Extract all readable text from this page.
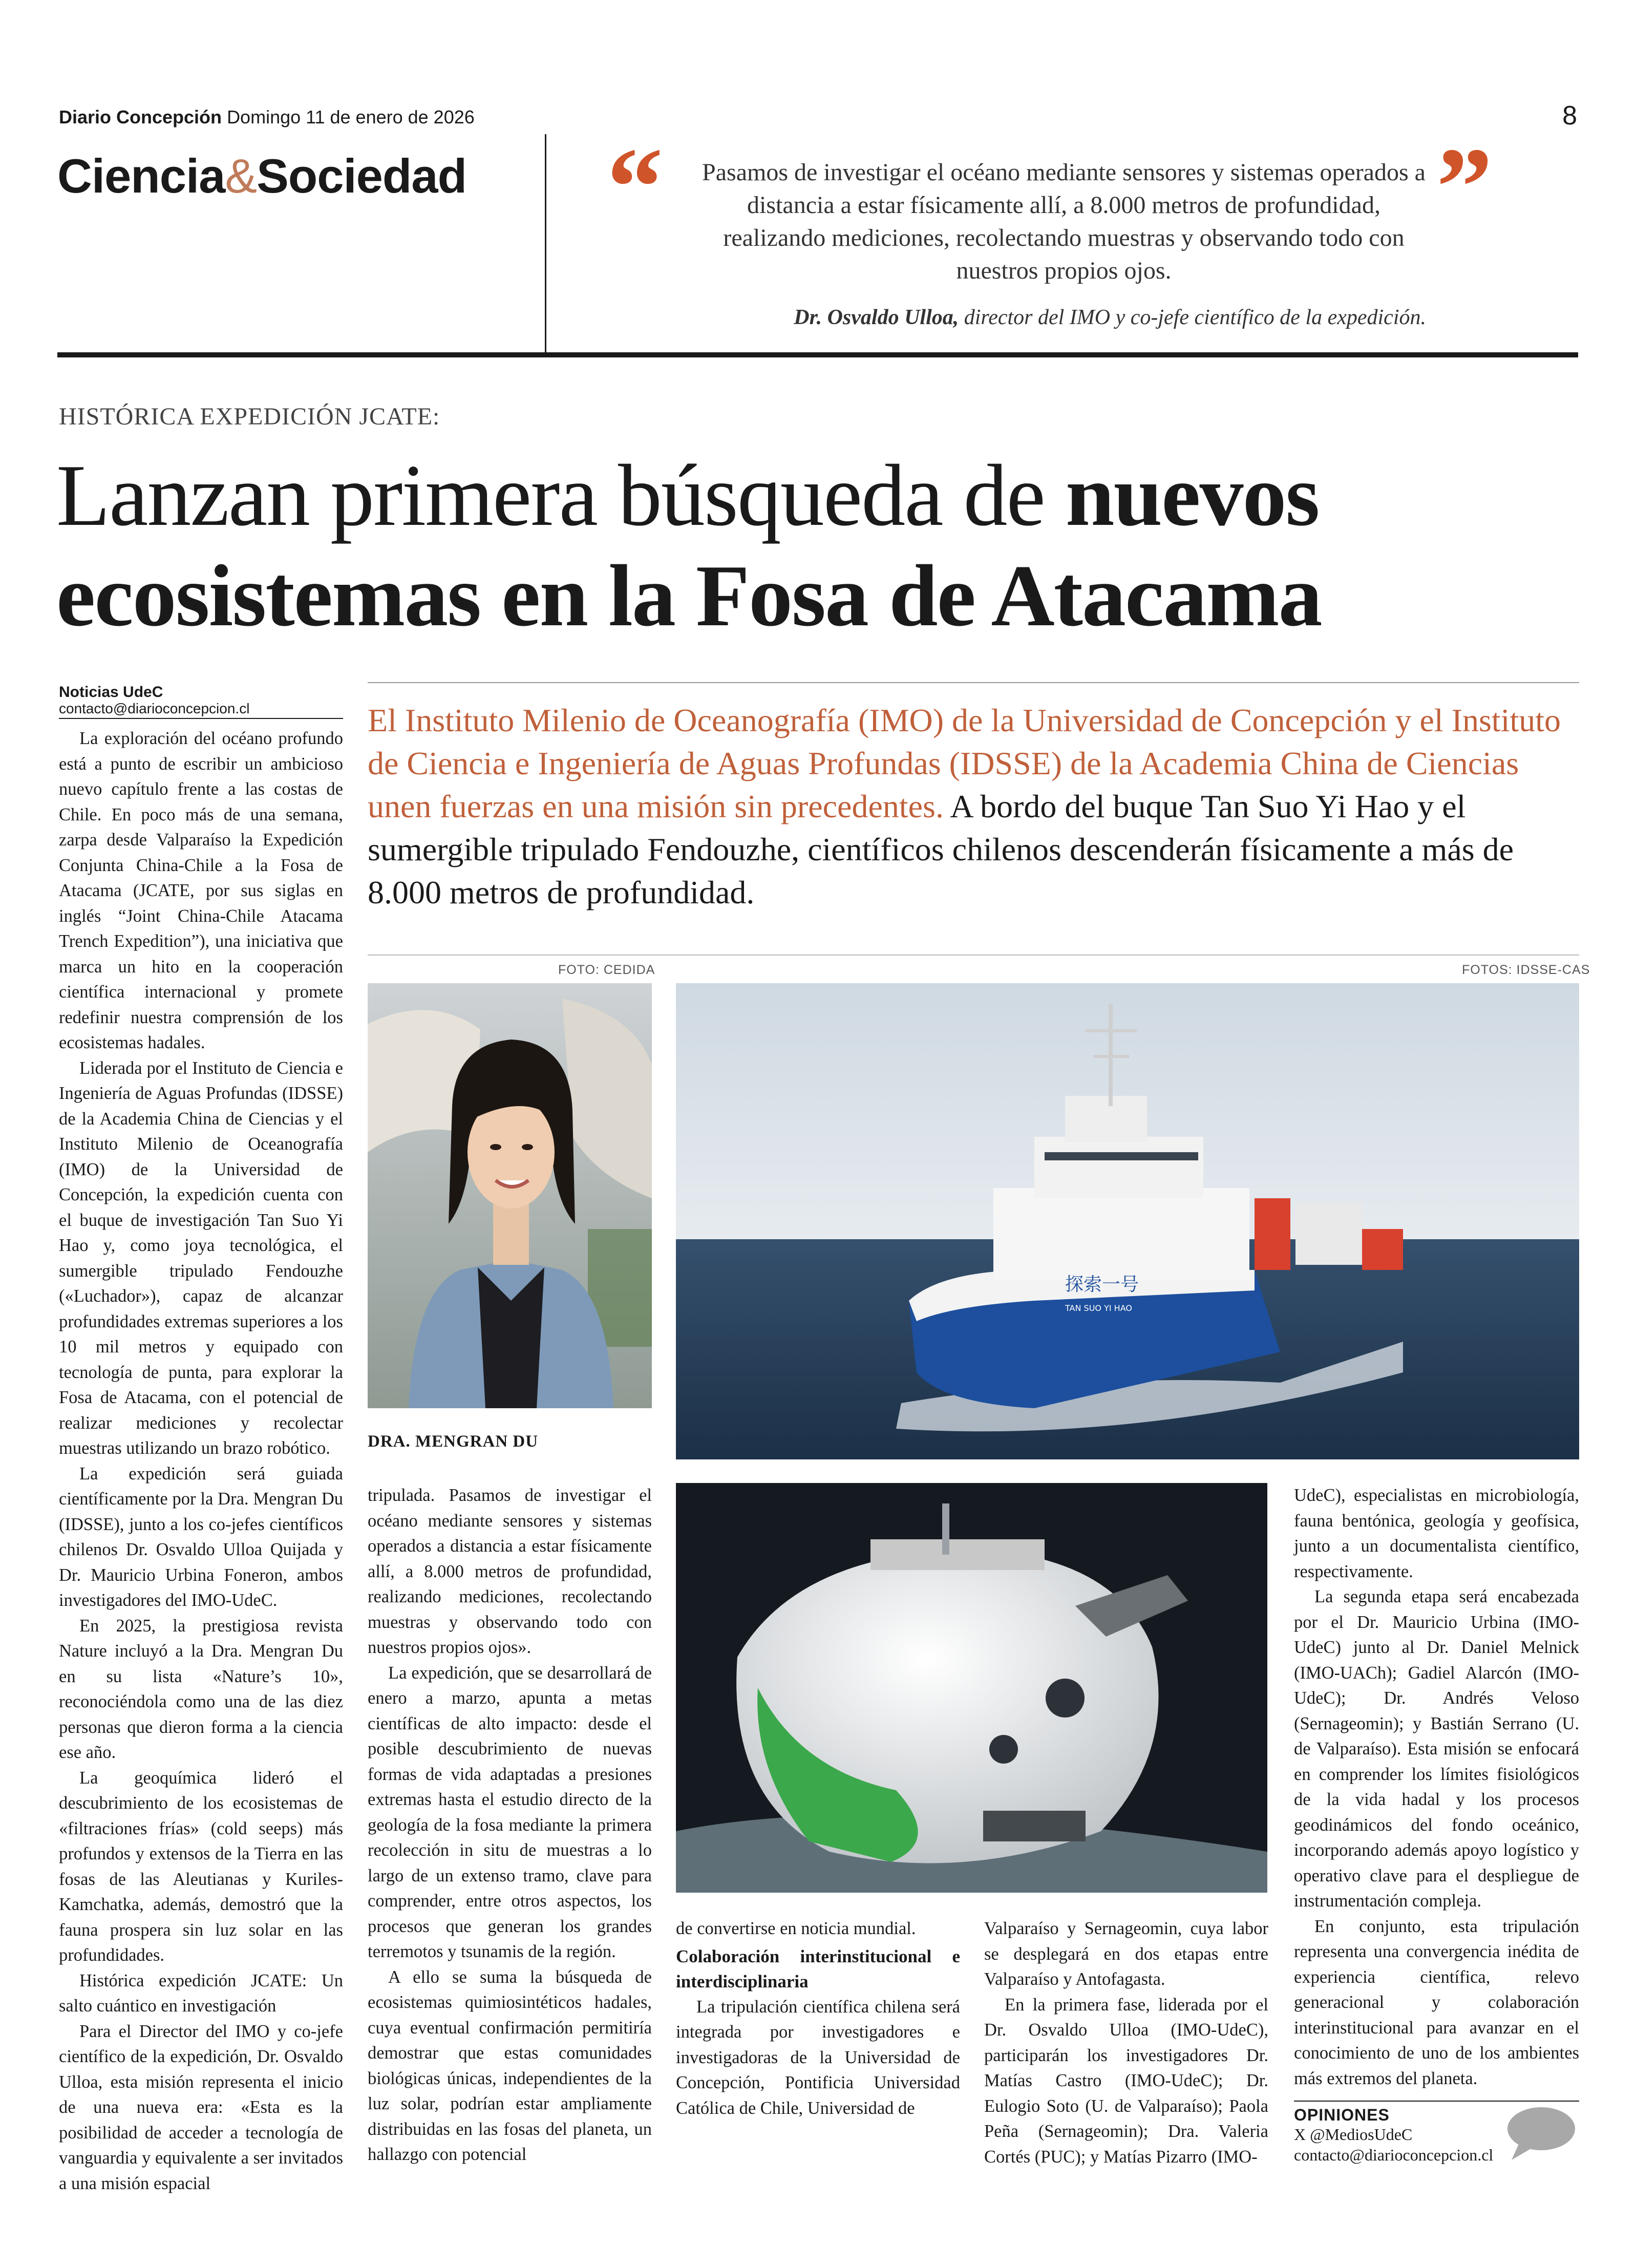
Diario Concepción Domingo 11 de enero de 2026	8
Ciencia&Sociedad “	”
Pasamos de investigar el océano mediante sensores y sistemas operados a distancia a estar físicamente allí, a 8.000 metros de profundidad, realizando mediciones, recolectando muestras y observando todo con nuestros propios ojos.
Dr. Osvaldo Ulloa, director del IMO y co-jefe científico de la expedición.
HISTÓRICA EXPEDICIÓN JCATE:
Lanzan primera búsqueda de nuevos ecosistemas en la Fosa de Atacama
Noticias UdeC
contacto@diarioconcepcion.cl	El Instituto Milenio de Oceanografía (IMO) de la Universidad de Concepción y el Instituto de Ciencia e Ingeniería de Aguas Profundas (IDSSE) de la Academia China de Ciencias unen fuerzas en una misión sin precedentes. A bordo del buque Tan Suo Yi Hao y el sumergible tripulado Fendouzhe, científicos chilenos descenderán físicamente a más de 8.000 metros de profundidad.

La exploración del océano profundo está a punto de escribir un ambicioso nuevo capítulo frente a las costas de Chile. En poco más de una semana, zarpa desde Valparaíso la Expedición Conjunta China-Chile a la Fosa de Atacama (JCATE, por sus siglas en inglés “Joint China-Chile Atacama Trench Expedition”), una iniciativa que marca un hito en la cooperación científica internacional y promete redefinir nuestra comprensión de los ecosistemas hadales.

Liderada por el Instituto de Ciencia e Ingeniería de Aguas Profundas (IDSSE) de la Academia China de Ciencias y el Instituto Milenio de Oceanografía (IMO) de la Universidad de Concepción, la expedición cuenta con el buque de investigación Tan Suo Yi Hao y, como joya tecnológica, el sumergible tripulado Fendouzhe («Luchador»), capaz de alcanzar profundidades extremas superiores a los 10 mil metros y equipado con tecnología de punta, para explorar la Fosa de Atacama, con el potencial de realizar mediciones y recolectar muestras utilizando un brazo robótico.

La expedición será guiada científicamente por la Dra. Mengran Du (IDSSE), junto a los co-jefes científicos chilenos Dr. Osvaldo Ulloa Quijada y Dr. Mauricio Urbina Foneron, ambos investigadores del IMO-UdeC.

En 2025, la prestigiosa revista Nature incluyó a la Dra. Mengran Du en su lista «Nature’s 10», reconociéndola como una de las diez personas que dieron forma a la ciencia ese año.

La geoquímica lideró el descubrimiento de los ecosistemas de «filtraciones frías» (cold seeps) más profundos y extensos de la Tierra en las fosas de las Aleutianas y Kuriles-Kamchatka, además, demostró que la fauna prospera sin luz solar en las profundidades.

Histórica expedición JCATE: Un salto cuántico en investigación

Para el Director del IMO y co-jefe científico de la expedición, Dr. Osvaldo Ulloa, esta misión representa el inicio de una nueva era: «Esta es la posibilidad de acceder a tecnología de vanguardia y equivalente a ser invitados a una misión espacial

FOTO: CEDIDA	FOTOS: IDSSE-CAS
DRA. MENGRAN DU
探索一号
TAN SUO YI HAO

tripulada. Pasamos de investigar el océano mediante sensores y sistemas operados a distancia a estar físicamente allí, a 8.000 metros de profundidad, realizando mediciones, recolectando muestras y observando todo con nuestros propios ojos».

La expedición, que se desarrollará de enero a marzo, apunta a metas científicas de alto impacto: desde el posible descubrimiento de nuevas formas de vida adaptadas a presiones extremas hasta el estudio directo de la geología de la fosa mediante la primera recolección in situ de muestras a lo largo de un extenso tramo, clave para comprender, entre otros aspectos, los procesos que generan los grandes terremotos y tsunamis de la región.

A ello se suma la búsqueda de ecosistemas quimiosintéticos hadales, cuya eventual confirmación permitiría demostrar que estas comunidades biológicas únicas, independientes de la luz solar, podrían estar ampliamente distribuidas en las fosas del planeta, un hallazgo con potencial

de convertirse en noticia mundial.

Colaboración interinstitucional e interdisciplinaria

La tripulación científica chilena será integrada por investigadores e investigadoras de la Universidad de Concepción, Pontificia Universidad Católica de Chile, Universidad de

Valparaíso y Sernageomin, cuya labor se desplegará en dos etapas entre Valparaíso y Antofagasta.

En la primera fase, liderada por el Dr. Osvaldo Ulloa (IMO-UdeC), participarán los investigadores Dr. Matías Castro (IMO-UdeC); Dr. Eulogio Soto (U. de Valparaíso); Paola Peña (Sernageomin); Dra. Valeria Cortés (PUC); y Matías Pizarro (IMO-

UdeC), especialistas en microbiología, fauna bentónica, geología y geofísica, junto a un documentalista científico, respectivamente.

La segunda etapa será encabezada por el Dr. Mauricio Urbina (IMO-UdeC) junto al Dr. Daniel Melnick (IMO-UACh); Gadiel Alarcón (IMO-UdeC); Dr. Andrés Veloso (Sernageomin); y Bastián Serrano (U. de Valparaíso). Esta misión se enfocará en comprender los límites fisiológicos de la vida hadal y los procesos geodinámicos del fondo oceánico, incorporando además apoyo logístico y operativo clave para el despliegue de instrumentación compleja.

En conjunto, esta tripulación representa una convergencia inédita de experiencia científica, relevo generacional y colaboración interinstitucional para avanzar en el conocimiento de uno de los ambientes más extremos del planeta.

OPINIONES
X @MediosUdeC
contacto@diarioconcepcion.cl
